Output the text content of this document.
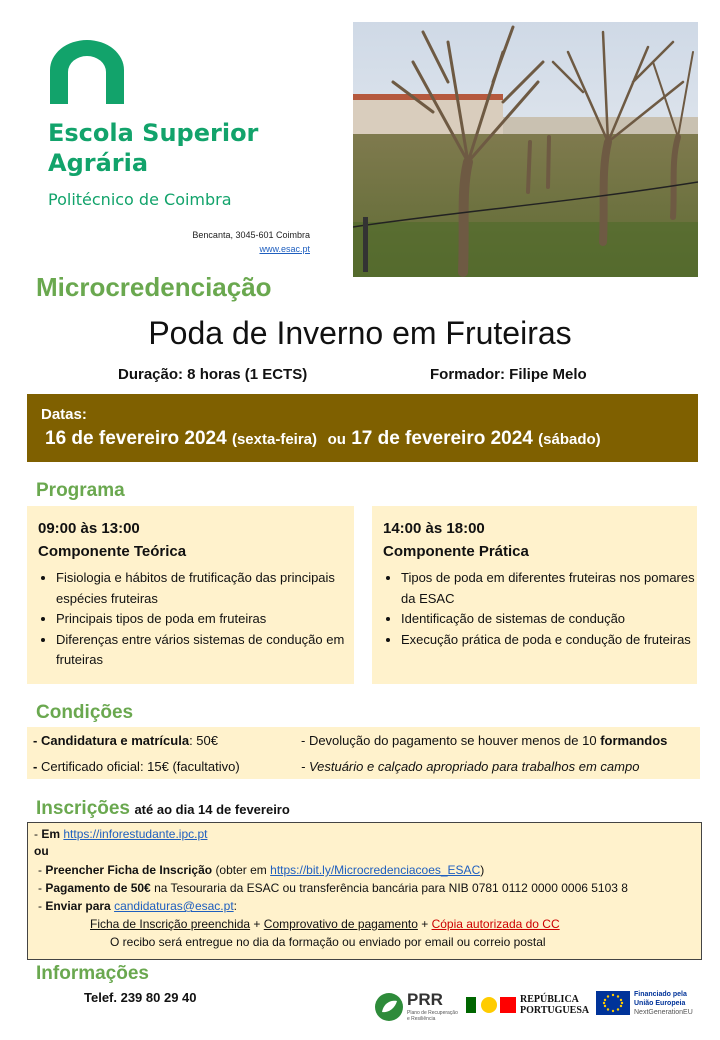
Escola Superior
Agrária
Politécnico de Coimbra
Bencanta, 3045-601 Coimbra
www.esac.pt
Microcredenciação
Poda de Inverno em Fruteiras
Duração: 8 horas (1 ECTS)	Formador: Filipe Melo
Datas:
16 de fevereiro 2024 (sexta-feira) ou 17 de fevereiro 2024 (sábado)
Programa
09:00 às 13:00
Componente Teórica
• Fisiologia e hábitos de frutificação das principais espécies fruteiras
• Principais tipos de poda em fruteiras
• Diferenças entre vários sistemas de condução em fruteiras
14:00 às 18:00
Componente Prática
• Tipos de poda em diferentes fruteiras nos pomares da ESAC
• Identificação de sistemas de condução
• Execução prática de poda e condução de fruteiras
Condições
- Candidatura e matrícula: 50€
- Certificado oficial: 15€ (facultativo)
- Devolução do pagamento se houver menos de 10 formandos
- Vestuário e calçado apropriado para trabalhos em campo
Inscrições até ao dia 14 de fevereiro
- Em https://inforestudante.ipc.pt
ou
- Preencher Ficha de Inscrição (obter em https://bit.ly/Microcredenciacoes_ESAC)
- Pagamento de 50€ na Tesouraria da ESAC ou transferência bancária para NIB 0781 0112 0000 0006 5103 8
- Enviar para candidaturas@esac.pt:
Ficha de Inscrição preenchida + Comprovativo de pagamento + Cópia autorizada do CC
O recibo será entregue no dia da formação ou enviado por email ou correio postal
Informações
Telef. 239 80 29 40	PRR
Plano de Recuperação
e Resiliência
REPÚBLICA
PORTUGUESA
Financiado pela
União Europeia
NextGenerationEU
